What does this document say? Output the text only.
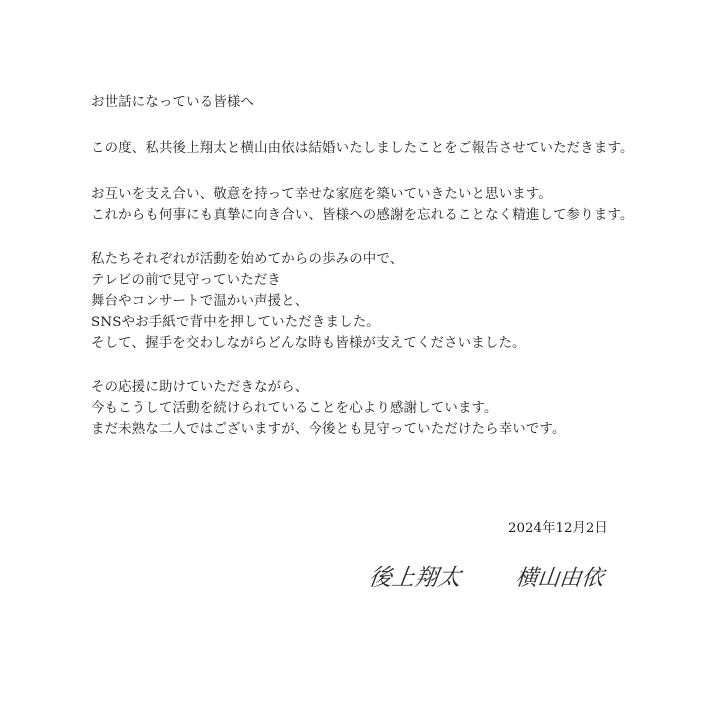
お世話になっている皆様へ
この度、私共後上翔太と横山由依は結婚いたしましたことをご報告させていただきます。
お互いを支え合い、敬意を持って幸せな家庭を築いていきたいと思います。
これからも何事にも真摯に向き合い、皆様への感謝を忘れることなく精進して参ります。
私たちそれぞれが活動を始めてからの歩みの中で、
テレビの前で見守っていただき
舞台やコンサートで温かい声援と、
SNSやお手紙で背中を押していただきました。
そして、握手を交わしながらどんな時も皆様が支えてくださいました。
その応援に助けていただきながら、
今もこうして活動を続けられていることを心より感謝しています。
まだ未熟な二人ではございますが、今後とも見守っていただけたら幸いです。
2024年12月2日
後上翔太 横山由依
